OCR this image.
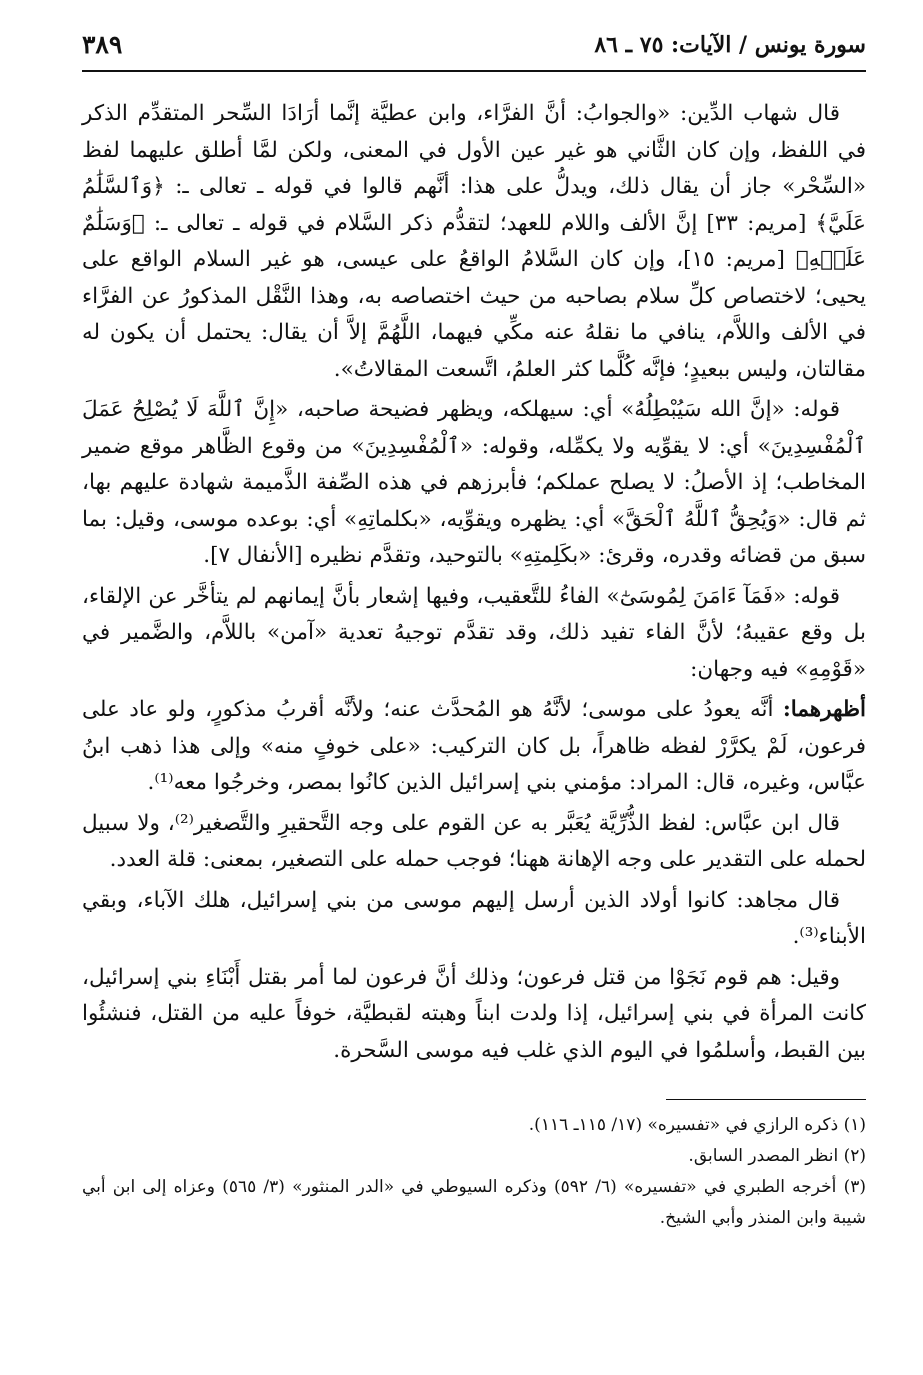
سورة يونس / الآيات: ٧٥ ـ ٨٦
٣٨٩

قال شهاب الدِّين: «والجوابُ: أنَّ الفرَّاء، وابن عطيَّة إنَّما أرَادَا السِّحر المتقدِّم الذكر في اللفظ، وإن كان الثَّاني هو غير عين الأول في المعنى، ولكن لمَّا أطلق عليهما لفظ «السِّحْر» جاز أن يقال ذلك، ويدلُّ على هذا: أنَّهم قالوا في قوله ـ تعالى ـ: ﴿وَٱلسَّلَٰمُ عَلَيَّ﴾ [مريم: ٣٣] إنَّ الألف واللام للعهد؛ لتقدُّم ذكر السَّلام في قوله ـ تعالى ـ: ﴿وَسَلَٰمٌ عَلَيۡهِ﴾ [مريم: ١٥]، وإن كان السَّلامُ الواقعُ على عيسى، هو غير السلام الواقع على يحيى؛ لاختصاص كلِّ سلام بصاحبه من حيث اختصاصه به، وهذا النَّقْل المذكورُ عن الفرَّاء في الألف واللاَّم، ينافي ما نقلهُ عنه مكِّي فيهما، اللَّهُمَّ إلاَّ أن يقال: يحتمل أن يكون له مقالتان، وليس ببعيدٍ؛ فإنَّه كُلَّما كثر العلمُ، اتَّسعت المقالاتُ».

قوله: «إنَّ الله سَيُبْطِلُهُ» أي: سيهلكه، ويظهر فضيحة صاحبه، «إِنَّ ٱللَّهَ لَا يُصْلِحُ عَمَلَ ٱلْمُفْسِدِينَ» أي: لا يقوِّيه ولا يكمِّله، وقوله: «ٱلْمُفْسِدِينَ» من وقوع الظَّاهر موقع ضمير المخاطب؛ إذ الأصلُ: لا يصلح عملكم؛ فأبرزهم في هذه الصِّفة الذَّميمة شهادة عليهم بها، ثم قال: «وَيُحِقُّ ٱللَّهُ ٱلْحَقَّ» أي: يظهره ويقوِّيه، «بكلماتِهِ» أي: بوعده موسى، وقيل: بما سبق من قضائه وقدره، وقرئ: «بكَلِمتِهِ» بالتوحيد، وتقدَّم نظيره [الأنفال ٧].

قوله: «فَمَآ ءَامَنَ لِمُوسَىٰٓ» الفاءُ للتَّعقيب، وفيها إشعار بأنَّ إيمانهم لم يتأخَّر عن الإلقاء، بل وقع عقيبهُ؛ لأنَّ الفاء تفيد ذلك، وقد تقدَّم توجيهُ تعدية «آمن» باللاَّم، والضَّمير في «قَوْمِهِ» فيه وجهان:

أظهرهما: أنَّه يعودُ على موسى؛ لأنَّهُ هو المُحدَّث عنه؛ ولأنَّه أقربُ مذكورٍ، ولو عاد على فرعون، لَمْ يكرَّرْ لفظه ظاهراً، بل كان التركيب: «على خوفٍ منه» وإلى هذا ذهب ابنُ عبَّاس، وغيره، قال: المراد: مؤمني بني إسرائيل الذين كانُوا بمصر، وخرجُوا معه⁽¹⁾.

قال ابن عبَّاس: لفظ الذُّرِّيَّة يُعَبَّر به عن القوم على وجه التَّحقيرِ والتَّصغير⁽²⁾، ولا سبيل لحمله على التقدير على وجه الإهانة ههنا؛ فوجب حمله على التصغير، بمعنى: قلة العدد.

قال مجاهد: كانوا أولاد الذين أرسل إليهم موسى من بني إسرائيل، هلك الآباء، وبقي الأبناء⁽³⁾.

وقيل: هم قوم نَجَوْا من قتل فرعون؛ وذلك أنَّ فرعون لما أمر بقتل أَبْنَاءِ بني إسرائيل، كانت المرأة في بني إسرائيل، إذا ولدت ابناً وهبته لقبطيَّة، خوفاً عليه من القتل، فنشئُوا بين القبط، وأسلمُوا في اليوم الذي غلب فيه موسى السَّحرة.

(١) ذكره الرازي في «تفسيره» (١٧/ ١١٥ـ ١١٦).

(٢) انظر المصدر السابق.

(٣) أخرجه الطبري في «تفسيره» (٦/ ٥٩٢) وذكره السيوطي في «الدر المنثور» (٣/ ٥٦٥) وعزاه إلى ابن أبي شيبة وابن المنذر وأبي الشيخ.
